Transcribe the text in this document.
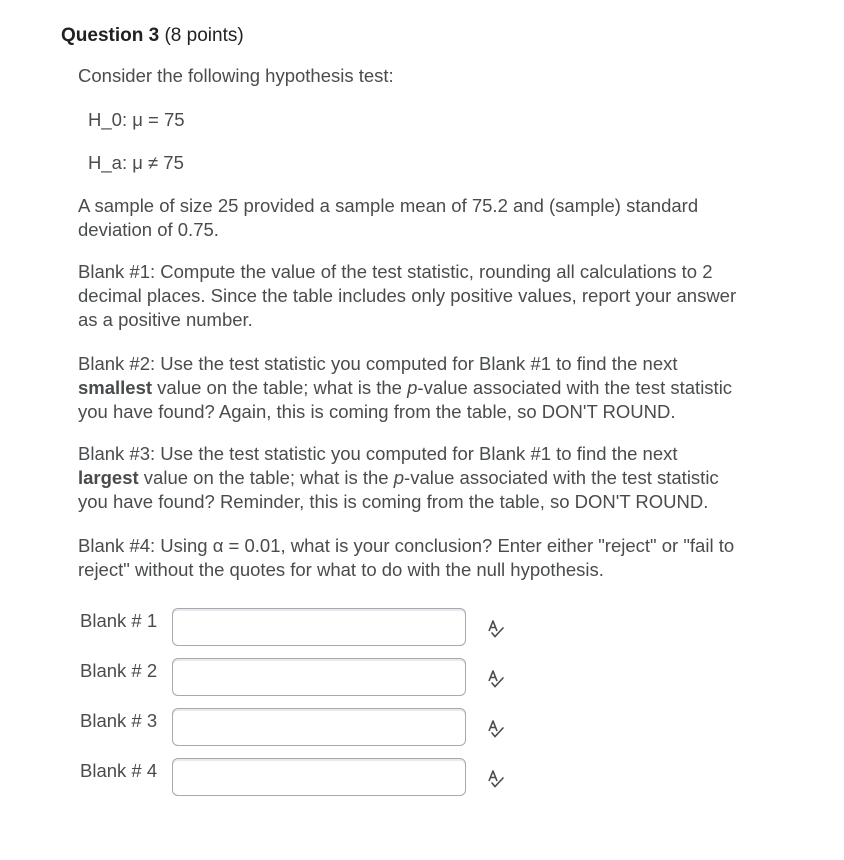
Question 3 (8 points)

Consider the following hypothesis test:

H_0: μ = 75

H_a: μ ≠ 75

A sample of size 25 provided a sample mean of 75.2 and (sample) standard
deviation of 0.75.
Blank #1: Compute the value of the test statistic, rounding all calculations to 2
decimal places. Since the table includes only positive values, report your answer
as a positive number.
Blank #2: Use the test statistic you computed for Blank #1 to find the next
smallest value on the table; what is the p-value associated with the test statistic
you have found? Again, this is coming from the table, so DON'T ROUND.
Blank #3: Use the test statistic you computed for Blank #1 to find the next
largest value on the table; what is the p-value associated with the test statistic
you have found? Reminder, this is coming from the table, so DON'T ROUND.
Blank #4: Using α = 0.01, what is your conclusion? Enter either "reject" or "fail to
reject" without the quotes for what to do with the null hypothesis.
Blank # 1
Blank # 2
Blank # 3
Blank # 4
